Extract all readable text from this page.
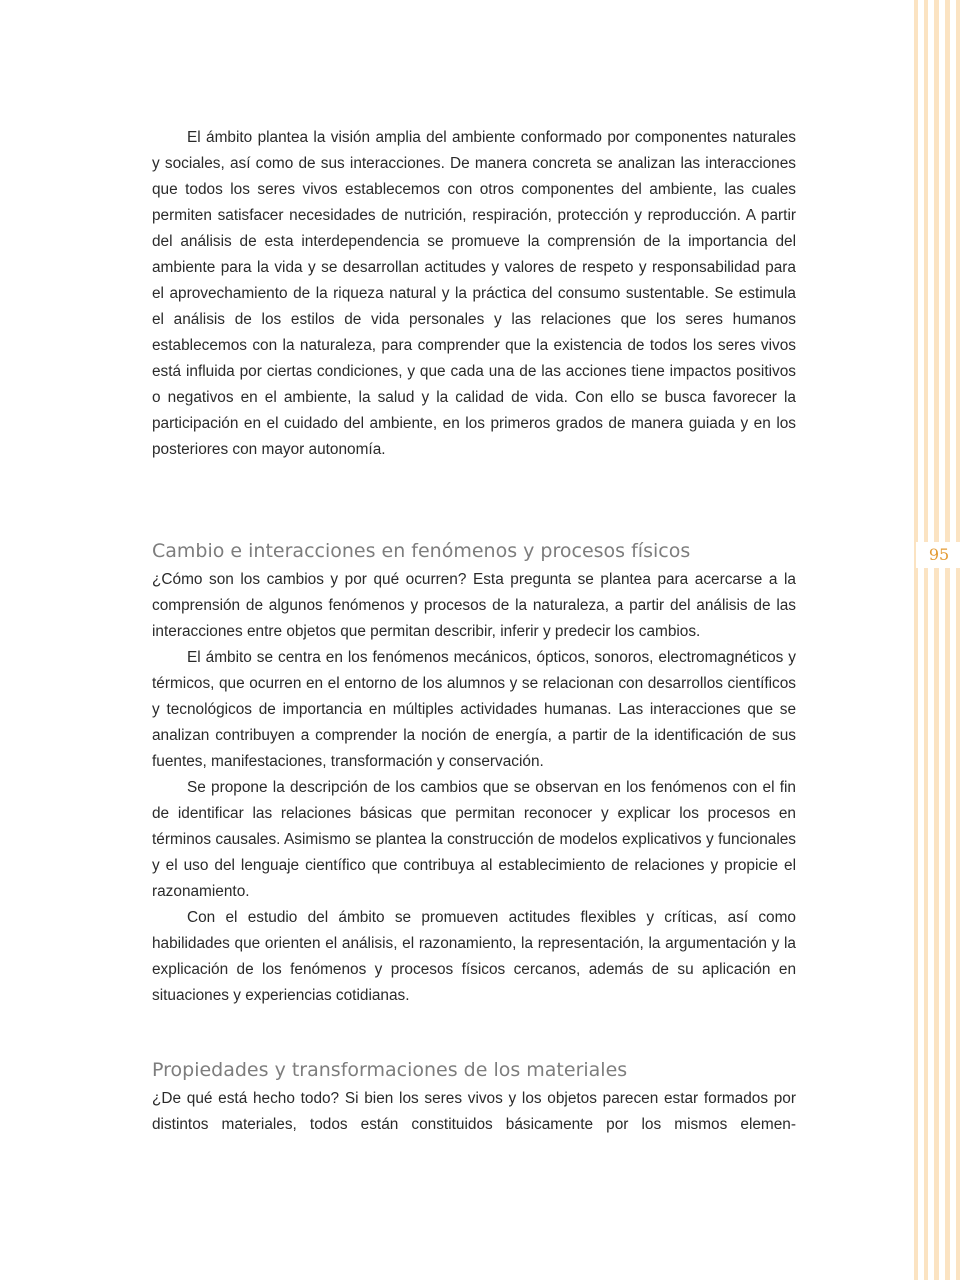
95

El ámbito plantea la visión amplia del ambiente conformado por componentes naturales y sociales, así como de sus interacciones. De manera concreta se analizan las interacciones que todos los seres vivos establecemos con otros componentes del ambiente, las cuales permiten satisfacer necesidades de nutrición, respiración, protección y reproducción. A partir del análisis de esta interdependencia se promueve la comprensión de la importancia del ambiente para la vida y se desarrollan actitudes y valores de respeto y responsabilidad para el aprovechamiento de la riqueza natural y la práctica del consumo sustentable. Se estimula el análisis de los estilos de vida personales y las relaciones que los seres humanos establecemos con la naturaleza, para comprender que la existencia de todos los seres vivos está influida por ciertas condiciones, y que cada una de las acciones tiene impactos positivos o negativos en el ambiente, la salud y la calidad de vida. Con ello se busca favorecer la participación en el cuidado del ambiente, en los primeros grados de manera guiada y en los posteriores con mayor autonomía.

Cambio e interacciones en fenómenos y procesos físicos

¿Cómo son los cambios y por qué ocurren? Esta pregunta se plantea para acercarse a la comprensión de algunos fenómenos y procesos de la naturaleza, a partir del análisis de las interacciones entre objetos que permitan describir, inferir y predecir los cambios.

El ámbito se centra en los fenómenos mecánicos, ópticos, sonoros, electromagnéticos y térmicos, que ocurren en el entorno de los alumnos y se relacionan con desarrollos científicos y tecnológicos de importancia en múltiples actividades humanas. Las interacciones que se analizan contribuyen a comprender la noción de energía, a partir de la identificación de sus fuentes, manifestaciones, transformación y conservación.

Se propone la descripción de los cambios que se observan en los fenómenos con el fin de identificar las relaciones básicas que permitan reconocer y explicar los procesos en términos causales. Asimismo se plantea la construcción de modelos explicativos y funcionales y el uso del lenguaje científico que contribuya al establecimiento de relaciones y propicie el razonamiento.

Con el estudio del ámbito se promueven actitudes flexibles y críticas, así como habilidades que orienten el análisis, el razonamiento, la representación, la argumentación y la explicación de los fenómenos y procesos físicos cercanos, además de su aplicación en situaciones y experiencias cotidianas.

Propiedades y transformaciones de los materiales

¿De qué está hecho todo? Si bien los seres vivos y los objetos parecen estar formados por distintos materiales, todos están constituidos básicamente por los mismos elemen-
